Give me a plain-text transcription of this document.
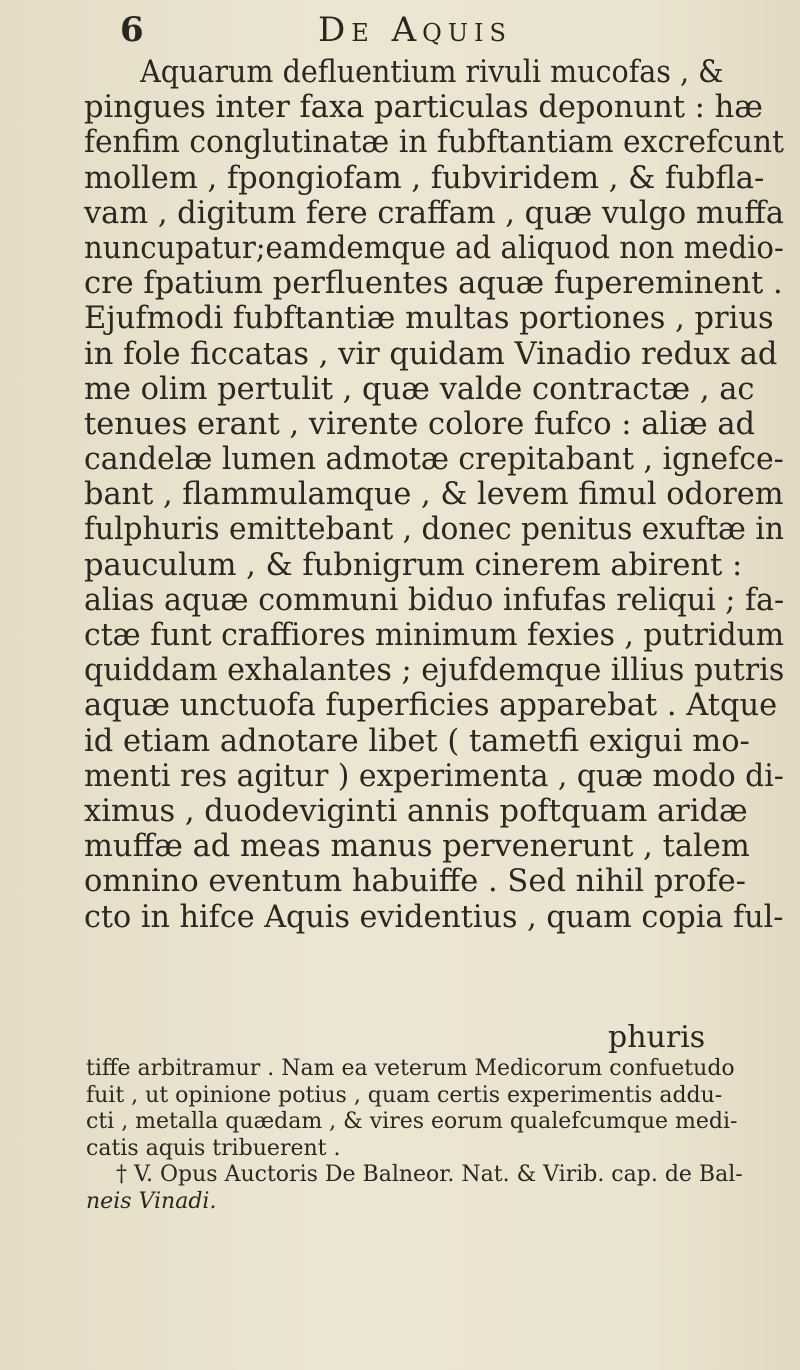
6	De Aquis
Aquarum defluentium rivuli mucofas , &
pingues inter faxa particulas deponunt : hæ
fenfim conglutinatæ in fubftantiam excrefcunt
mollem , fpongiofam , fubviridem , & fubfla-
vam , digitum fere craffam , quæ vulgo muffa
nuncupatur;eamdemque ad aliquod non medio-
cre fpatium perfluentes aquæ fupereminent .
Ejufmodi fubftantiæ multas portiones , prius
in fole ficcatas , vir quidam Vinadio redux ad
me olim pertulit , quæ valde contractæ , ac
tenues erant , virente colore fufco : aliæ ad
candelæ lumen admotæ crepitabant , ignefce-
bant , flammulamque , & levem fimul odorem
fulphuris emittebant , donec penitus exuftæ in
pauculum , & fubnigrum cinerem abirent :
alias aquæ communi biduo infufas reliqui ; fa-
ctæ funt craffiores minimum fexies , putridum
quiddam exhalantes ; ejufdemque illius putris
aquæ unctuofa fuperficies apparebat . Atque
id etiam adnotare libet ( tametfi exigui mo-
menti res agitur ) experimenta , quæ modo di-
ximus , duodeviginti annis poftquam aridæ
muffæ ad meas manus pervenerunt , talem
omnino eventum habuiffe . Sed nihil profe-
cto in hifce Aquis evidentius , quam copia ful-
phuris
tiffe arbitramur . Nam ea veterum Medicorum confuetudo
fuit , ut opinione potius , quam certis experimentis addu-
cti , metalla quædam , & vires eorum qualefcumque medi-
catis aquis tribuerent .
† V. Opus Auctoris De Balneor. Nat. & Virib. cap. de Bal-
neis Vinadi.
